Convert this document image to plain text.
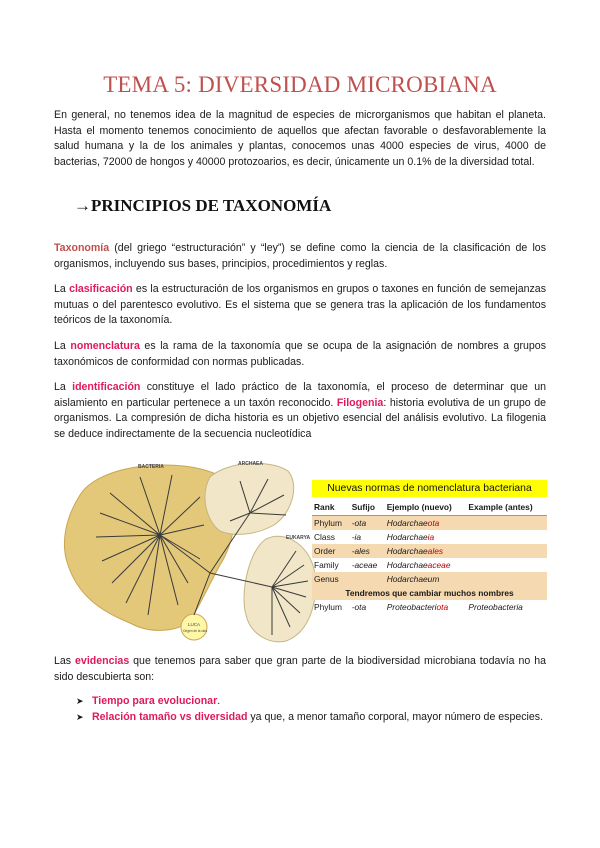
TEMA 5: DIVERSIDAD MICROBIANA

En general, no tenemos idea de la magnitud de especies de microrganismos que habitan el planeta. Hasta el momento tenemos conocimiento de aquellos que afectan favorable o desfavorablemente la salud humana y la de los animales y plantas, conocemos unas 4000 especies de virus, 4000 de bacterias, 72000 de hongos y 40000 protozoarios, es decir, únicamente un 0.1% de la diversidad total.

→PRINCIPIOS DE TAXONOMÍA

Taxonomía (del griego “estructuración” y “ley”) se define como la ciencia de la clasificación de los organismos, incluyendo sus bases, principios, procedimientos y reglas.

La clasificación es la estructuración de los organismos en grupos o taxones en función de semejanzas mutuas o del parentesco evolutivo. Es el sistema que se genera tras la aplicación de los fundamentos teóricos de la taxonomía.

La nomenclatura es la rama de la taxonomía que se ocupa de la asignación de nombres a grupos taxonómicos de conformidad con normas publicadas.

La identificación constituye el lado práctico de la taxonomía, el proceso de determinar que un aislamiento en particular pertenece a un taxón reconocido. Filogenia: historia evolutiva de un grupo de organismos. La compresión de dicha historia es un objetivo esencial del análisis evolutivo. La filogenia se deduce indirectamente de la secuencia nucleotídica

BACTERIA	ARCHAEA
EUKARYA
LUCA
Origen de la vida
Nuevas normas de nomenclatura bacteriana
Rank	Sufijo	Ejemplo (nuevo)	Example (antes)
Phylum	-ota	Hodarchaeota	
Class	-ia	Hodarchaeia	
Order	-ales	Hodarchaeales	
Family	-aceae	Hodarchaeaceae	
Genus		Hodarchaeum	
Tendremos que cambiar muchos nombres			
Phylum	-ota	Proteobacteriota	Proteobacteria

Las evidencias que tenemos para saber que gran parte de la biodiversidad microbiana todavía no ha sido descubierta son:

➤ Tiempo para evolucionar.
➤ Relación tamaño vs diversidad ya que, a menor tamaño corporal, mayor número de especies.
